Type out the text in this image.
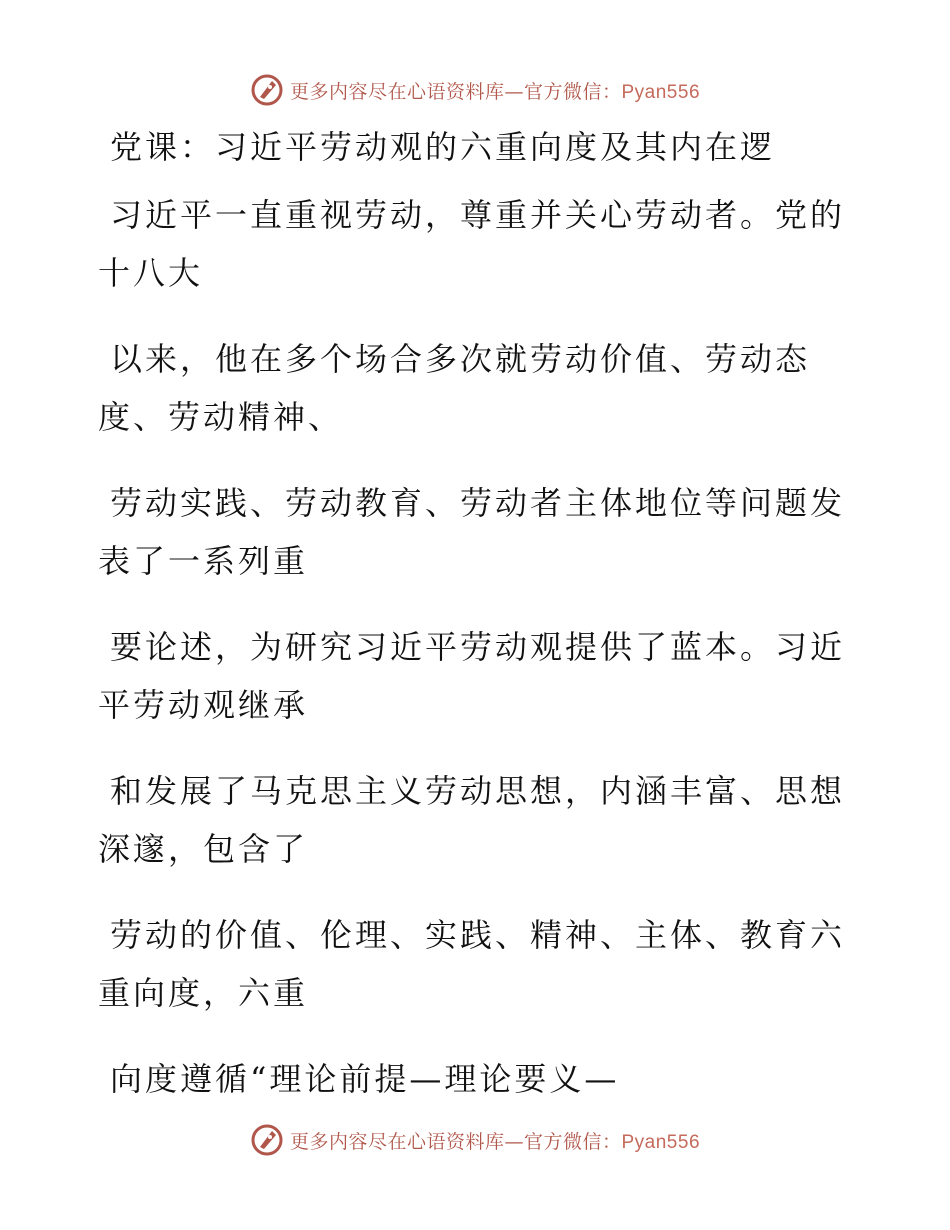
更多内容尽在心语资料库—官方微信：Pyan556
党课：习近平劳动观的六重向度及其内在逻

习近平一直重视劳动，尊重并关心劳动者。党的
十八大

以来，他在多个场合多次就劳动价值、劳动态
度、劳动精神、

劳动实践、劳动教育、劳动者主体地位等问题发
表了一系列重

要论述，为研究习近平劳动观提供了蓝本。习近
平劳动观继承

和发展了马克思主义劳动思想，内涵丰富、思想
深邃，包含了

劳动的价值、伦理、实践、精神、主体、教育六
重向度，六重

向度遵循“理论前提—理论要义—

更多内容尽在心语资料库—官方微信：Pyan556
